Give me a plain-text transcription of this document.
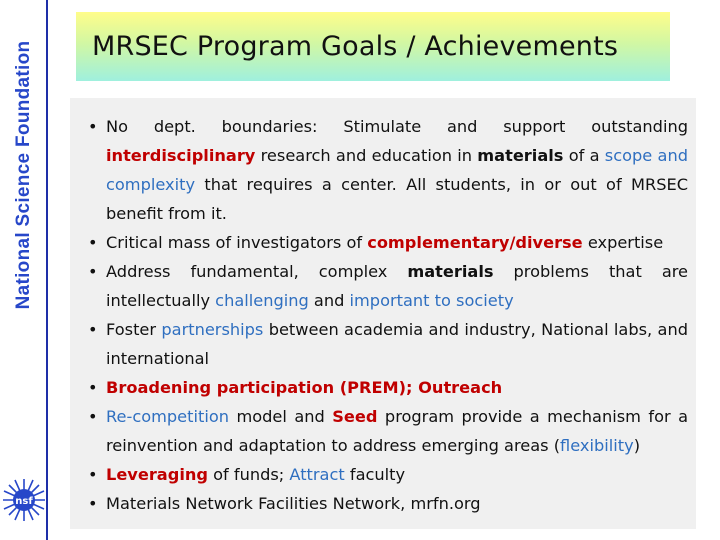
National Science Foundation
nsf
MRSEC Program Goals / Achievements
• No dept. boundaries: Stimulate and support outstanding interdisciplinary research and education in materials of a scope and complexity that requires a center. All students, in or out of MRSEC benefit from it.
• Critical mass of investigators of complementary/diverse expertise
• Address fundamental, complex materials problems that are intellectually challenging and important to society
• Foster partnerships between academia and industry, National labs, and international
• Broadening participation (PREM); Outreach
• Re-competition model and Seed program provide a mechanism for a reinvention and adaptation to address emerging areas (flexibility)
• Leveraging of funds; Attract faculty
• Materials Network Facilities Network, mrfn.org
